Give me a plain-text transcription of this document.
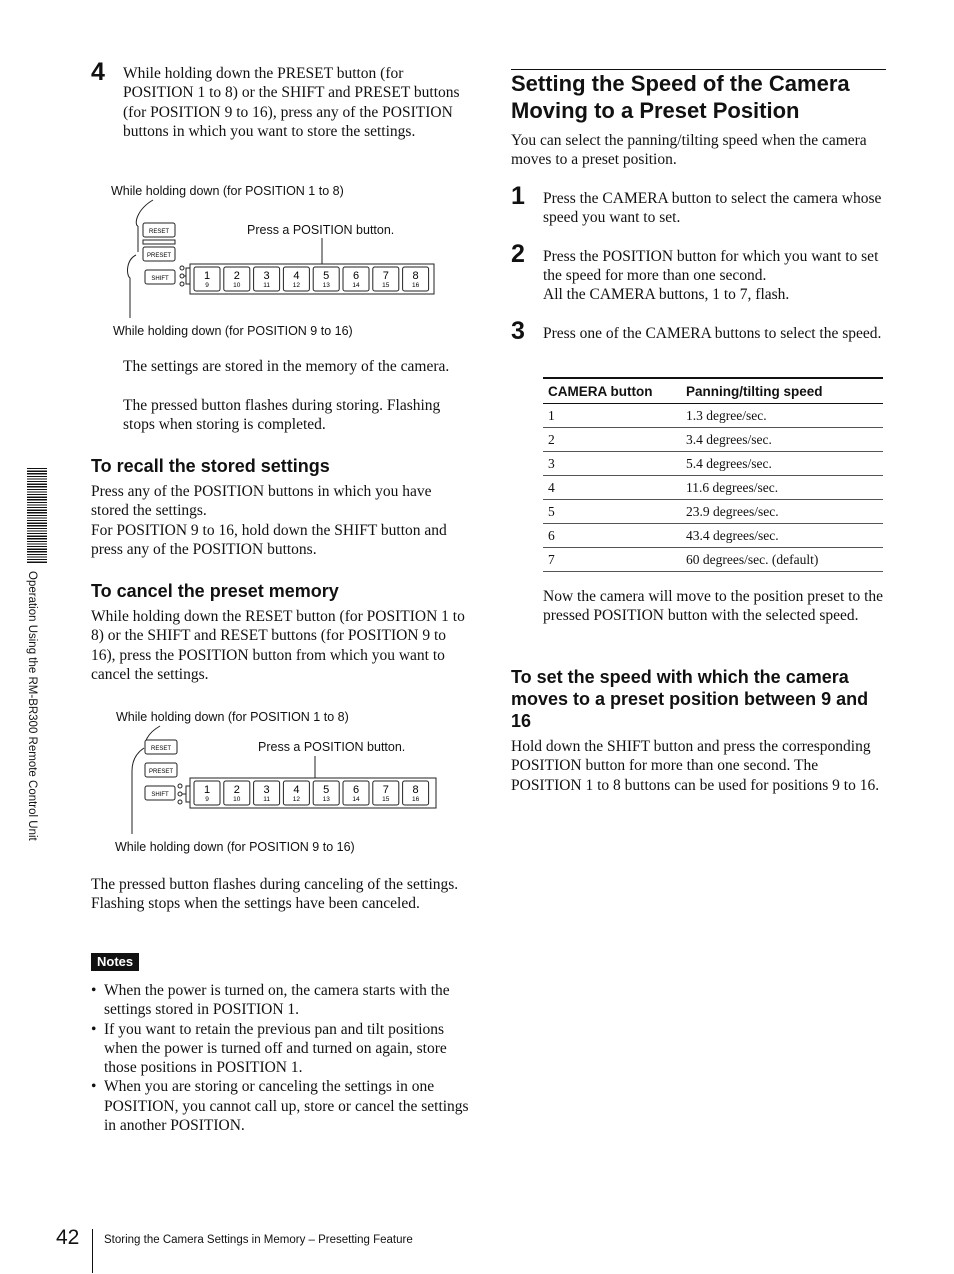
Operation Using the RM-BR300 Remote Control Unit
4 While holding down the PRESET button (for POSITION 1 to 8) or the SHIFT and PRESET buttons (for POSITION 9 to 16), press any of the POSITION buttons in which you want to store the settings.

While holding down (for POSITION 1 to 8)
Press a POSITION button.
While holding down (for POSITION 9 to 16)
RESET
PRESET
SHIFT	1
9
2
10
3
11
4
12
5
13
6
14
7
15
8
16

The settings are stored in the memory of the camera.

The pressed button flashes during storing. Flashing stops when storing is completed.

To recall the stored settings

Press any of the POSITION buttons in which you have stored the settings.

For POSITION 9 to 16, hold down the SHIFT button and press any of the POSITION buttons.

To cancel the preset memory

While holding down the RESET button (for POSITION 1 to 8) or the SHIFT and RESET buttons (for POSITION 9 to 16), press the POSITION button from which you want to cancel the settings.

While holding down (for POSITION 1 to 8)
Press a POSITION button.
While holding down (for POSITION 9 to 16)
RESET
PRESET
SHIFT	1
9
2
10
3
11
4
12
5
13
6
14
7
15
8
16

The pressed button flashes during canceling of the settings. Flashing stops when the settings have been canceled.

Notes
• When the power is turned on, the camera starts with the settings stored in POSITION 1.
• If you want to retain the previous pan and tilt positions when the power is turned off and turned on again, store those positions in POSITION 1.
• When you are storing or canceling the settings in one POSITION, you cannot call up, store or cancel the settings in another POSITION.
Setting the Speed of the Camera Moving to a Preset Position

You can select the panning/tilting speed when the camera moves to a preset position.

1 Press the CAMERA button to select the camera whose speed you want to set.

2 Press the POSITION button for which you want to set the speed for more than one second.

All the CAMERA buttons, 1 to 7, flash.

3 Press one of the CAMERA buttons to select the speed.

CAMERA button	Panning/tilting speed
1	1.3 degree/sec.
2	3.4 degrees/sec.
3	5.4 degrees/sec.
4	11.6 degrees/sec.
5	23.9 degrees/sec.
6	43.4 degrees/sec.
7	60 degrees/sec. (default)

Now the camera will move to the position preset to the pressed POSITION button with the selected speed.

To set the speed with which the camera moves to a preset position between 9 and 16

Hold down the SHIFT button and press the corresponding POSITION button for more than one second. The POSITION 1 to 8 buttons can be used for positions 9 to 16.

42 Storing the Camera Settings in Memory – Presetting Feature
